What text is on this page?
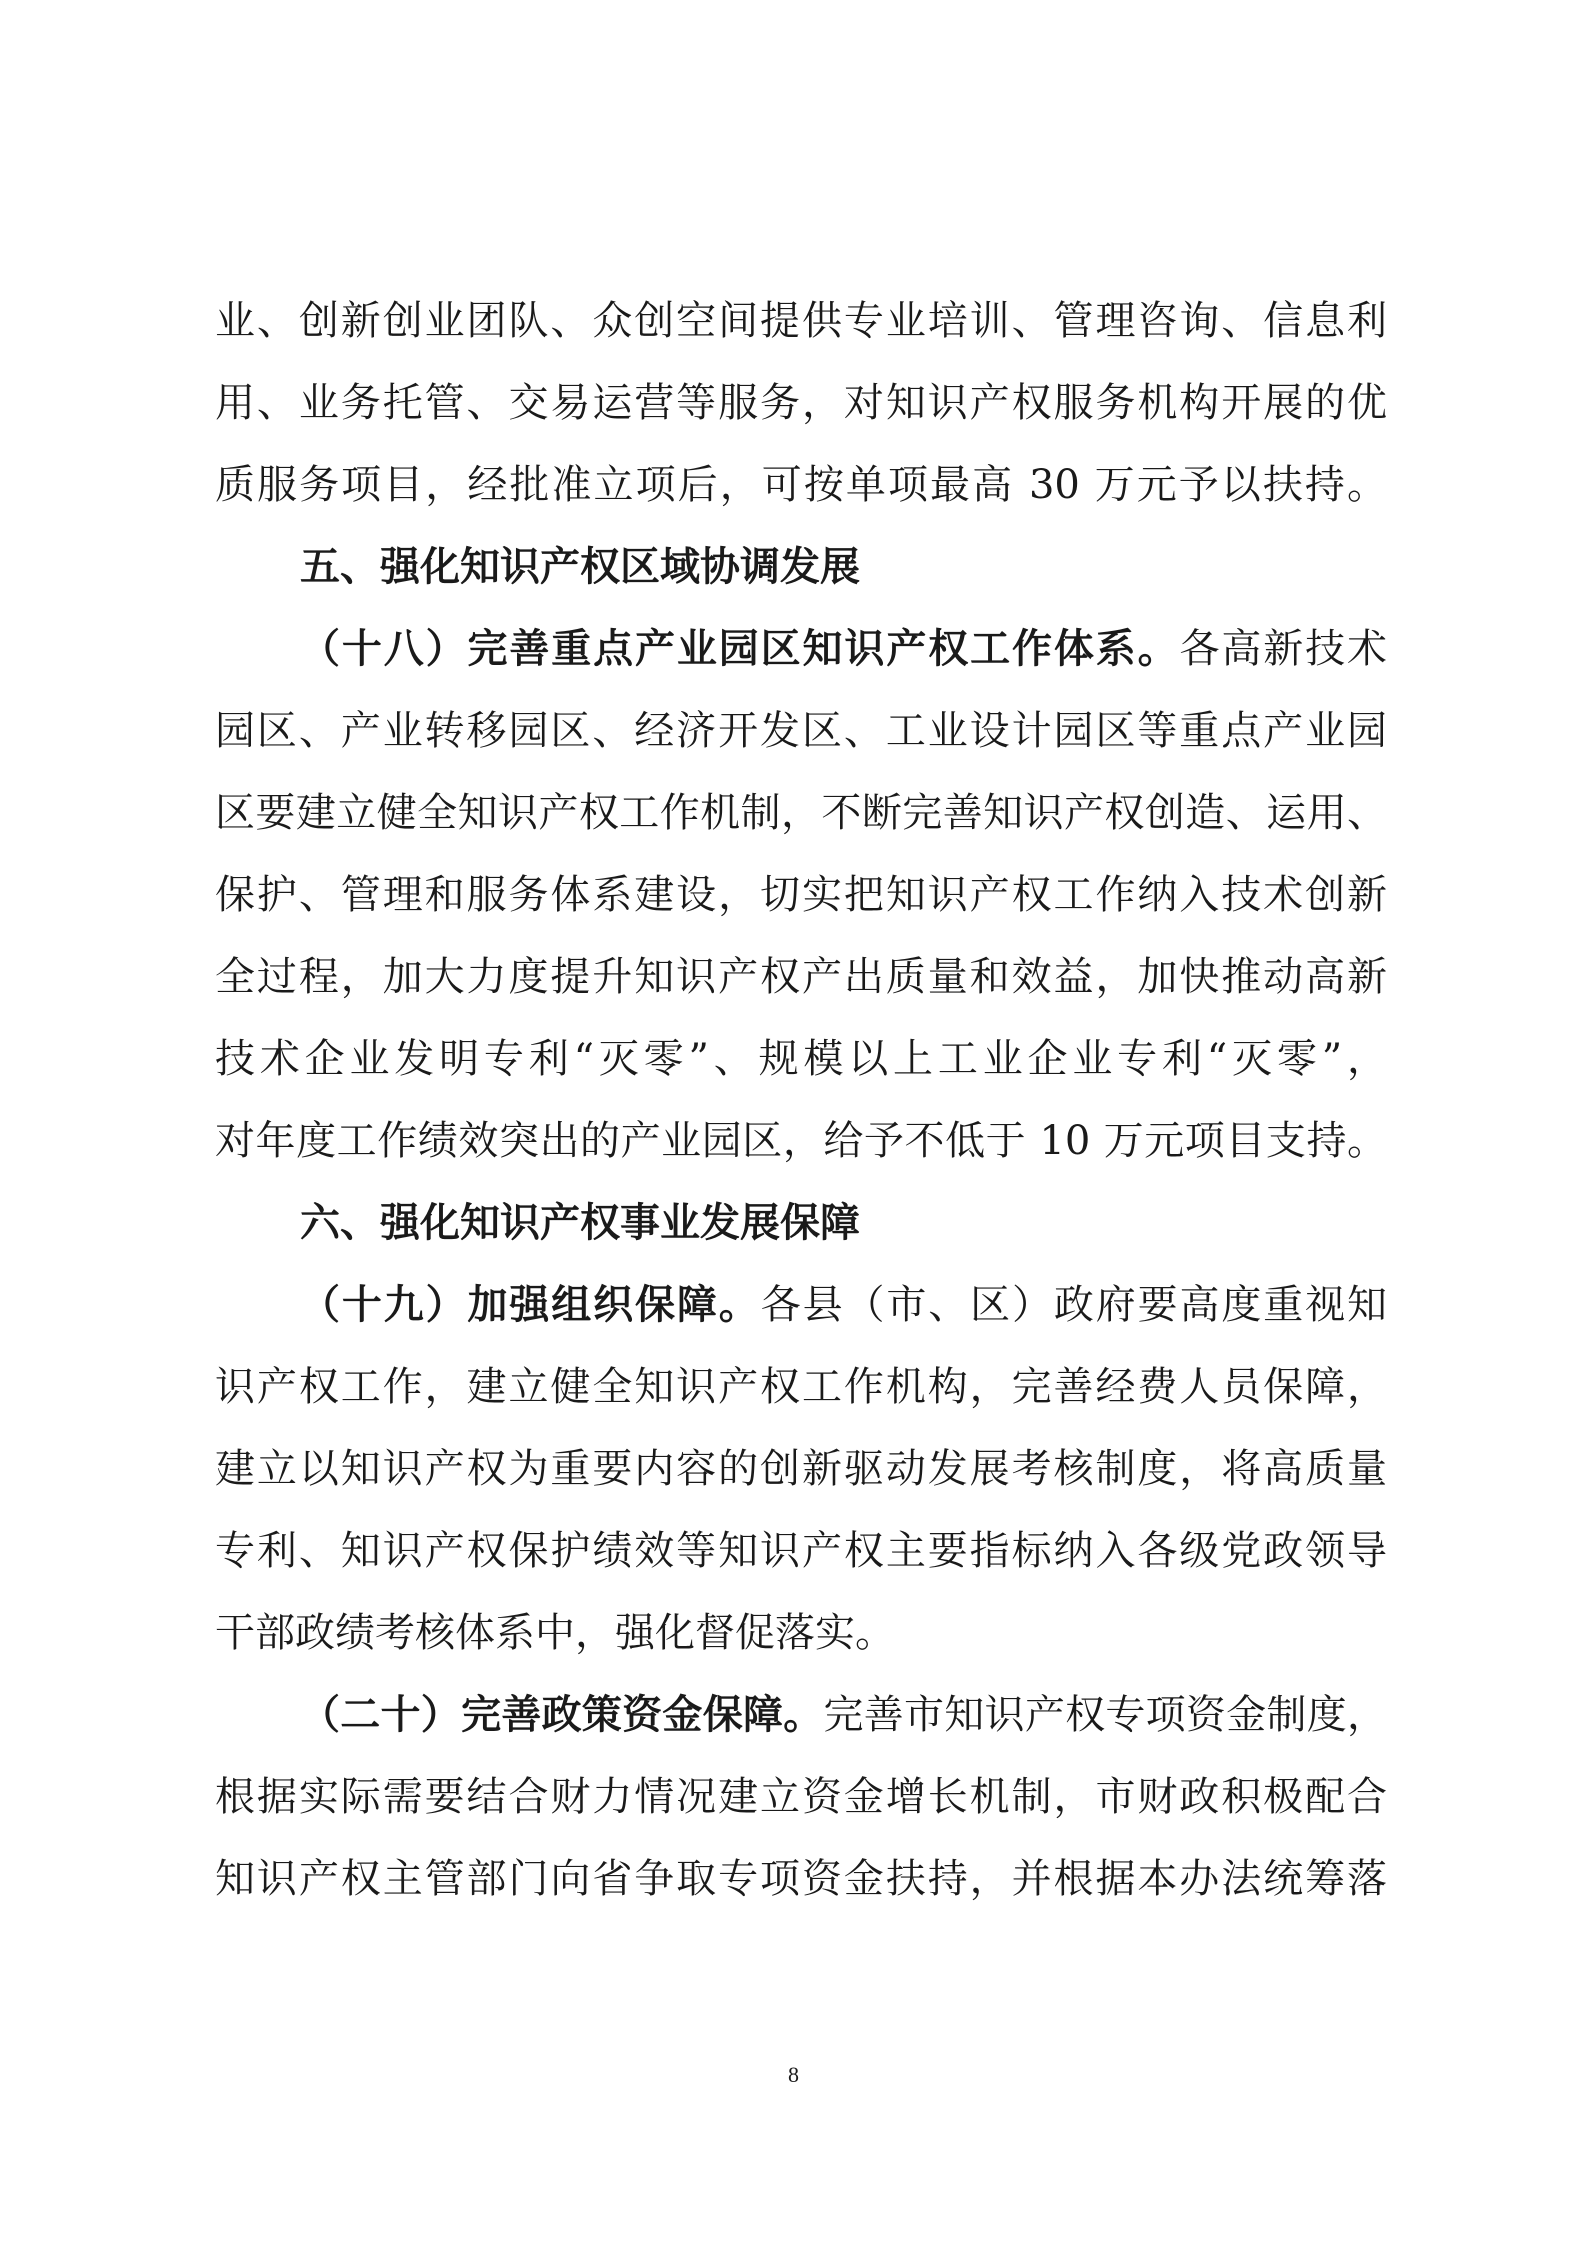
业、创新创业团队、众创空间提供专业培训、管理咨询、信息利
用、业务托管、交易运营等服务，对知识产权服务机构开展的优
质服务项目，经批准立项后，可按单项最高 30 万元予以扶持。
五、强化知识产权区域协调发展
（十八）完善重点产业园区知识产权工作体系。各高新技术
园区、产业转移园区、经济开发区、工业设计园区等重点产业园
区要建立健全知识产权工作机制，不断完善知识产权创造、运用、
保护、管理和服务体系建设，切实把知识产权工作纳入技术创新
全过程，加大力度提升知识产权产出质量和效益，加快推动高新
技术企业发明专利“灭零”、规模以上工业企业专利“灭零”，
对年度工作绩效突出的产业园区，给予不低于 10 万元项目支持。
六、强化知识产权事业发展保障
（十九）加强组织保障。各县（市、区）政府要高度重视知
识产权工作，建立健全知识产权工作机构，完善经费人员保障，
建立以知识产权为重要内容的创新驱动发展考核制度，将高质量
专利、知识产权保护绩效等知识产权主要指标纳入各级党政领导
干部政绩考核体系中，强化督促落实。
（二十）完善政策资金保障。完善市知识产权专项资金制度，
根据实际需要结合财力情况建立资金增长机制，市财政积极配合
知识产权主管部门向省争取专项资金扶持，并根据本办法统筹落
8
